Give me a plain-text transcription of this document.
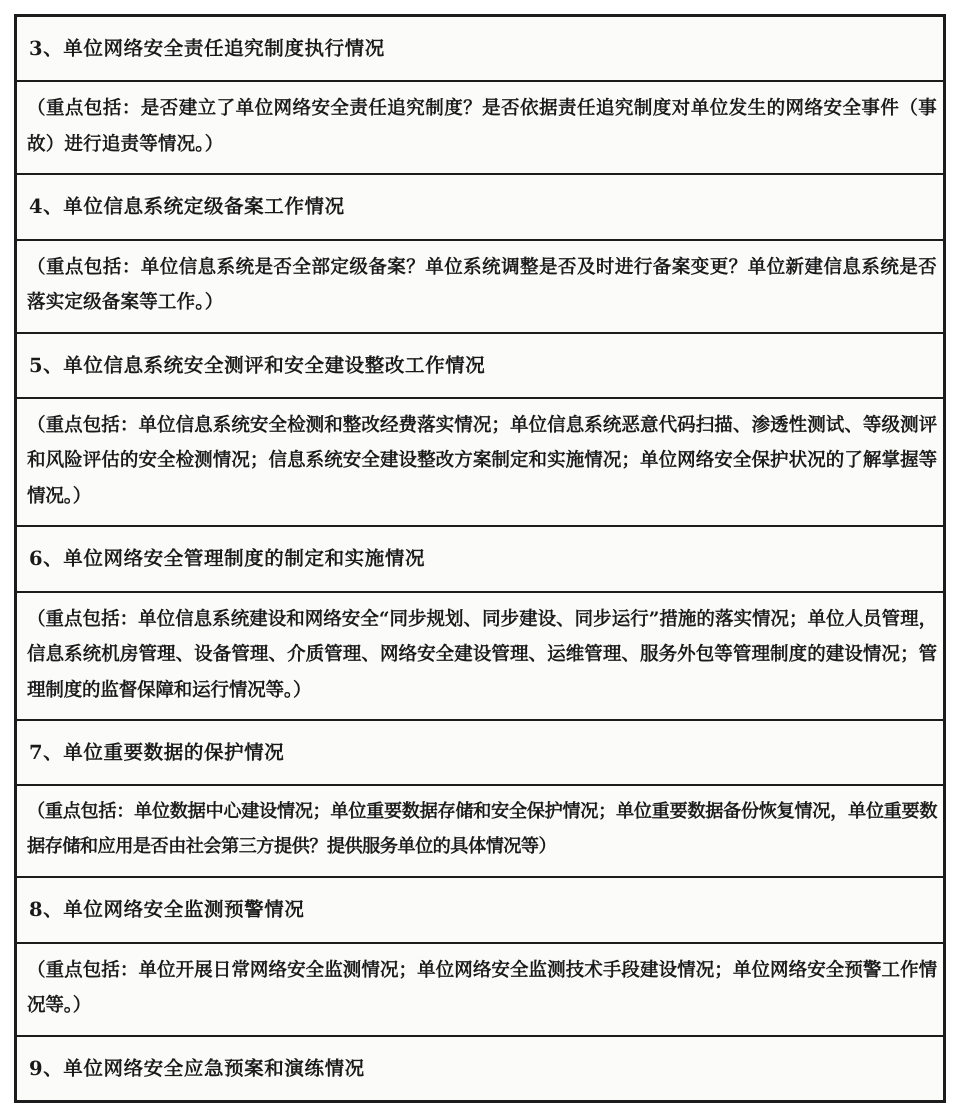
3、单位网络安全责任追究制度执行情况

（重点包括：是否建立了单位网络安全责任追究制度？是否依据责任追究制度对单位发生的网络安全事件（事故）进行追责等情况。）

4、单位信息系统定级备案工作情况

（重点包括：单位信息系统是否全部定级备案？单位系统调整是否及时进行备案变更？单位新建信息系统是否落实定级备案等工作。）

5、单位信息系统安全测评和安全建设整改工作情况

（重点包括：单位信息系统安全检测和整改经费落实情况；单位信息系统恶意代码扫描、渗透性测试、等级测评和风险评估的安全检测情况；信息系统安全建设整改方案制定和实施情况；单位网络安全保护状况的了解掌握等情况。）

6、单位网络安全管理制度的制定和实施情况

（重点包括：单位信息系统建设和网络安全“同步规划、同步建设、同步运行”措施的落实情况；单位人员管理，信息系统机房管理、设备管理、介质管理、网络安全建设管理、运维管理、服务外包等管理制度的建设情况；管理制度的监督保障和运行情况等。）

7、单位重要数据的保护情况

（重点包括：单位数据中心建设情况；单位重要数据存储和安全保护情况；单位重要数据备份恢复情况，单位重要数据存储和应用是否由社会第三方提供？提供服务单位的具体情况等）

8、单位网络安全监测预警情况

（重点包括：单位开展日常网络安全监测情况；单位网络安全监测技术手段建设情况；单位网络安全预警工作情况等。）

9、单位网络安全应急预案和演练情况
